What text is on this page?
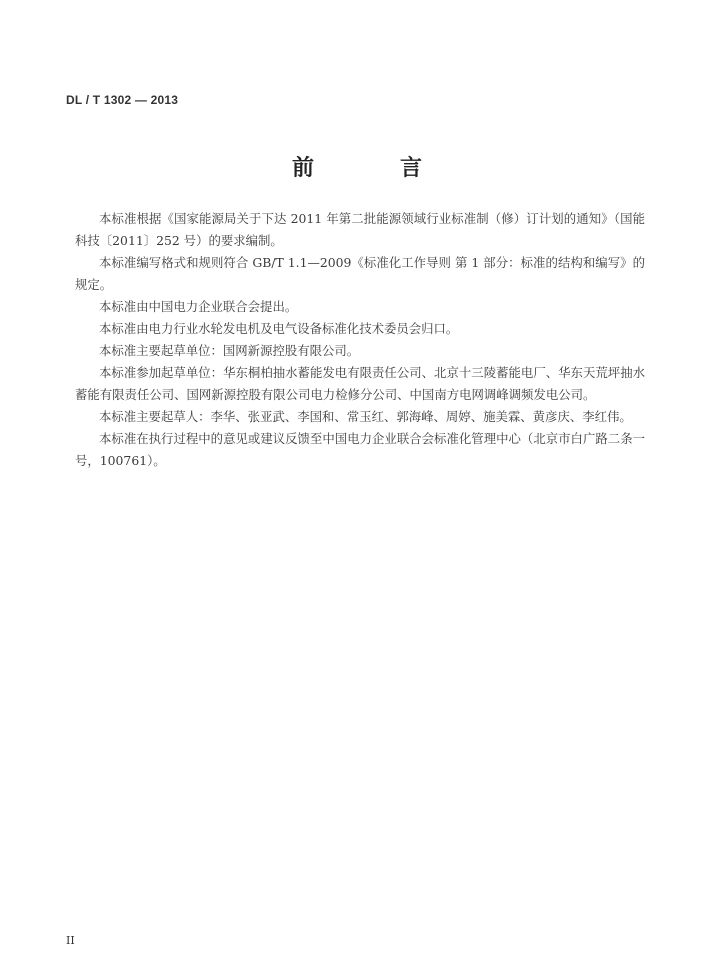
DL / T 1302 — 2013
前　言

本标准根据《国家能源局关于下达 2011 年第二批能源领域行业标准制（修）订计划的通知》（国能科技〔2011〕252 号）的要求编制。

本标准编写格式和规则符合 GB/T 1.1—2009《标准化工作导则 第 1 部分：标准的结构和编写》的规定。

本标准由中国电力企业联合会提出。

本标准由电力行业水轮发电机及电气设备标准化技术委员会归口。

本标准主要起草单位：国网新源控股有限公司。

本标准参加起草单位：华东桐柏抽水蓄能发电有限责任公司、北京十三陵蓄能电厂、华东天荒坪抽水蓄能有限责任公司、国网新源控股有限公司电力检修分公司、中国南方电网调峰调频发电公司。

本标准主要起草人：李华、张亚武、李国和、常玉红、郭海峰、周婷、施美霖、黄彦庆、李红伟。

本标准在执行过程中的意见或建议反馈至中国电力企业联合会标准化管理中心（北京市白广路二条一号，100761）。

II
